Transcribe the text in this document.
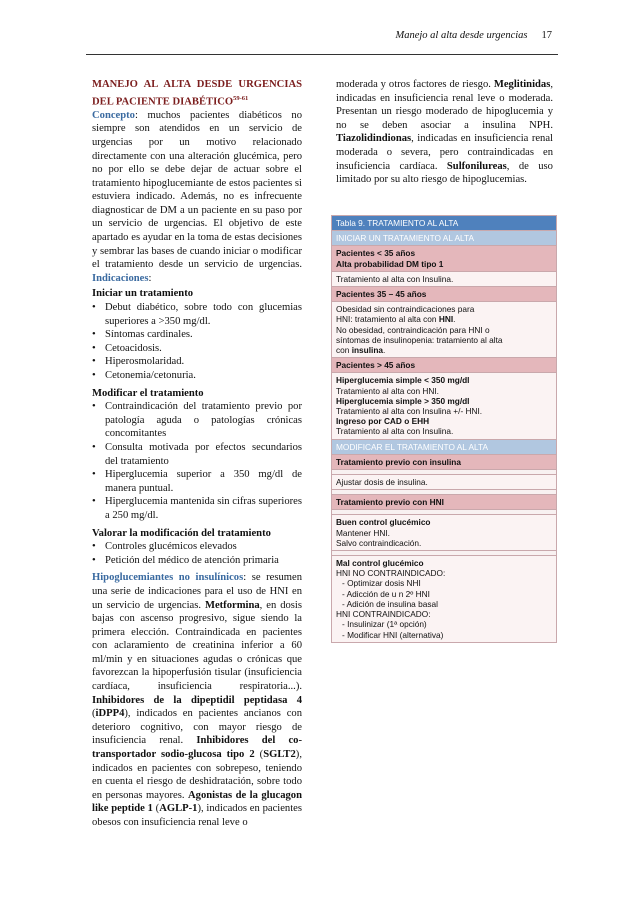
Manejo al alta desde urgencias 17
MANEJO AL ALTA DESDE URGENCIAS DEL PACIENTE DIABÉTICO$^{59-61}$
Concepto: muchos pacientes diabéticos no siempre son atendidos en un servicio de urgencias por un motivo relacionado directamente con una alteración glucémica, pero no por ello se debe dejar de actuar sobre el tratamiento hipoglucemiante de estos pacientes si estuviera indicado. Además, no es infrecuente diagnosticar de DM a un paciente en su paso por un servicio de urgencias. El objetivo de este apartado es ayudar en la toma de estas decisiones y sembrar las bases de cuando iniciar o modificar el tratamiento desde un servicio de urgencias. Indicaciones:
Iniciar un tratamiento
• Debut diabético, sobre todo con glucemias superiores a >350 mg/dl.
• Síntomas cardinales.
• Cetoacidosis.
• Hiperosmolaridad.
• Cetonemia/cetonuria.
Modificar el tratamiento
• Contraindicación del tratamiento previo por patología aguda o patologías crónicas concomitantes
• Consulta motivada por efectos secundarios del tratamiento
• Hiperglucemia superior a 350 mg/dl de manera puntual.
• Hiperglucemia mantenida sin cifras superiores a 250 mg/dl.
Valorar la modificación del tratamiento
• Controles glucémicos elevados
• Petición del médico de atención primaria
Hipoglucemiantes no insulínicos: se resumen una serie de indicaciones para el uso de HNI en un servicio de urgencias. Metformina, en dosis bajas con ascenso progresivo, sigue siendo la primera elección. Contraindicada en pacientes con aclaramiento de creatinina inferior a 60 ml/min y en situaciones agudas o crónicas que favorezcan la hipoperfusión tisular (insuficiencia cardíaca, insuficiencia respiratoria...). Inhibidores de la dipeptidil peptidasa 4 (iDPP4), indicados en pacientes ancianos con deterioro cognitivo, con mayor riesgo de insuficiencia renal. Inhibidores del co-transportador sodio-glucosa tipo 2 (SGLT2), indicados en pacientes con sobrepeso, teniendo en cuenta el riesgo de deshidratación, sobre todo en personas mayores. Agonistas de la glucagon like peptide 1 (AGLP-1), indicados en pacientes obesos con insuficiencia renal leve o
moderada y otros factores de riesgo. Meglitinidas, indicadas en insuficiencia renal leve o moderada. Presentan un riesgo moderado de hipoglucemia y no se deben asociar a insulina NPH. Tiazolidindionas, indicadas en insuficiencia renal moderada o severa, pero contraindicadas en insuficiencia cardíaca. Sulfonilureas, de uso limitado por su alto riesgo de hipoglucemias.
Tabla 9. TRATAMIENTO AL ALTA
INICIAR UN TRATAMIENTO AL ALTA
Pacientes < 35 años
Alta probabilidad DM tipo 1
Tratamiento al alta con Insulina.
Pacientes 35 – 45 años
Obesidad sin contraindicaciones para
HNI: tratamiento al alta con HNI.
No obesidad, contraindicación para HNI o
síntomas de insulinopenia: tratamiento al alta
con insulina.
Pacientes > 45 años
Hiperglucemia simple < 350 mg/dl
Tratamiento al alta con HNI.
Hiperglucemia simple > 350 mg/dl
Tratamiento al alta con Insulina +/- HNI.
Ingreso por CAD o EHH
Tratamiento al alta con Insulina.
MODIFICAR EL TRATAMIENTO AL ALTA
Tratamiento previo con insulina
Ajustar dosis de insulina.
Tratamiento previo con HNI
Buen control glucémico
Mantener HNI.
Salvo contraindicación.
Mal control glucémico
HNI NO CONTRAINDICADO:
- Optimizar dosis NHI
- Adicción de u n 2º HNI
- Adición de insulina basal
HNI CONTRAINDICADO:
- Insulinizar (1ª opción)
- Modificar HNI (alternativa)
